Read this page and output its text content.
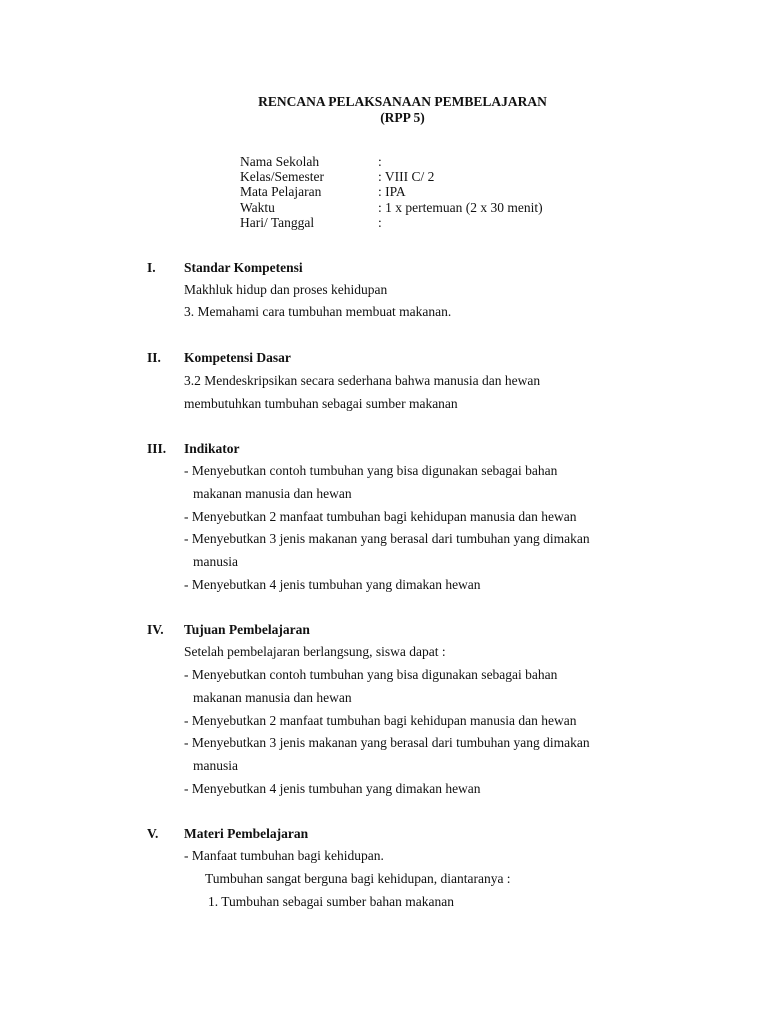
RENCANA PELAKSANAAN PEMBELAJARAN
(RPP 5)
Nama Sekolah	:
Kelas/Semester	: VIII C/ 2
Mata Pelajaran	: IPA
Waktu	: 1 x pertemuan (2 x 30 menit)
Hari/ Tanggal	:
I. Standar Kompetensi
Makhluk hidup dan proses kehidupan
3. Memahami cara tumbuhan membuat makanan.
II. Kompetensi Dasar
3.2 Mendeskripsikan secara sederhana bahwa manusia dan hewan
membutuhkan tumbuhan sebagai sumber makanan
III. Indikator
- Menyebutkan contoh tumbuhan yang bisa digunakan sebagai bahan
makanan manusia dan hewan
- Menyebutkan 2 manfaat tumbuhan bagi kehidupan manusia dan hewan
- Menyebutkan 3 jenis makanan yang berasal dari tumbuhan yang dimakan
manusia
- Menyebutkan 4 jenis tumbuhan yang dimakan hewan
IV. Tujuan Pembelajaran
Setelah pembelajaran berlangsung, siswa dapat :
- Menyebutkan contoh tumbuhan yang bisa digunakan sebagai bahan
makanan manusia dan hewan
- Menyebutkan 2 manfaat tumbuhan bagi kehidupan manusia dan hewan
- Menyebutkan 3 jenis makanan yang berasal dari tumbuhan yang dimakan
manusia
- Menyebutkan 4 jenis tumbuhan yang dimakan hewan
V. Materi Pembelajaran
- Manfaat tumbuhan bagi kehidupan.
Tumbuhan sangat berguna bagi kehidupan, diantaranya :
1. Tumbuhan sebagai sumber bahan makanan
